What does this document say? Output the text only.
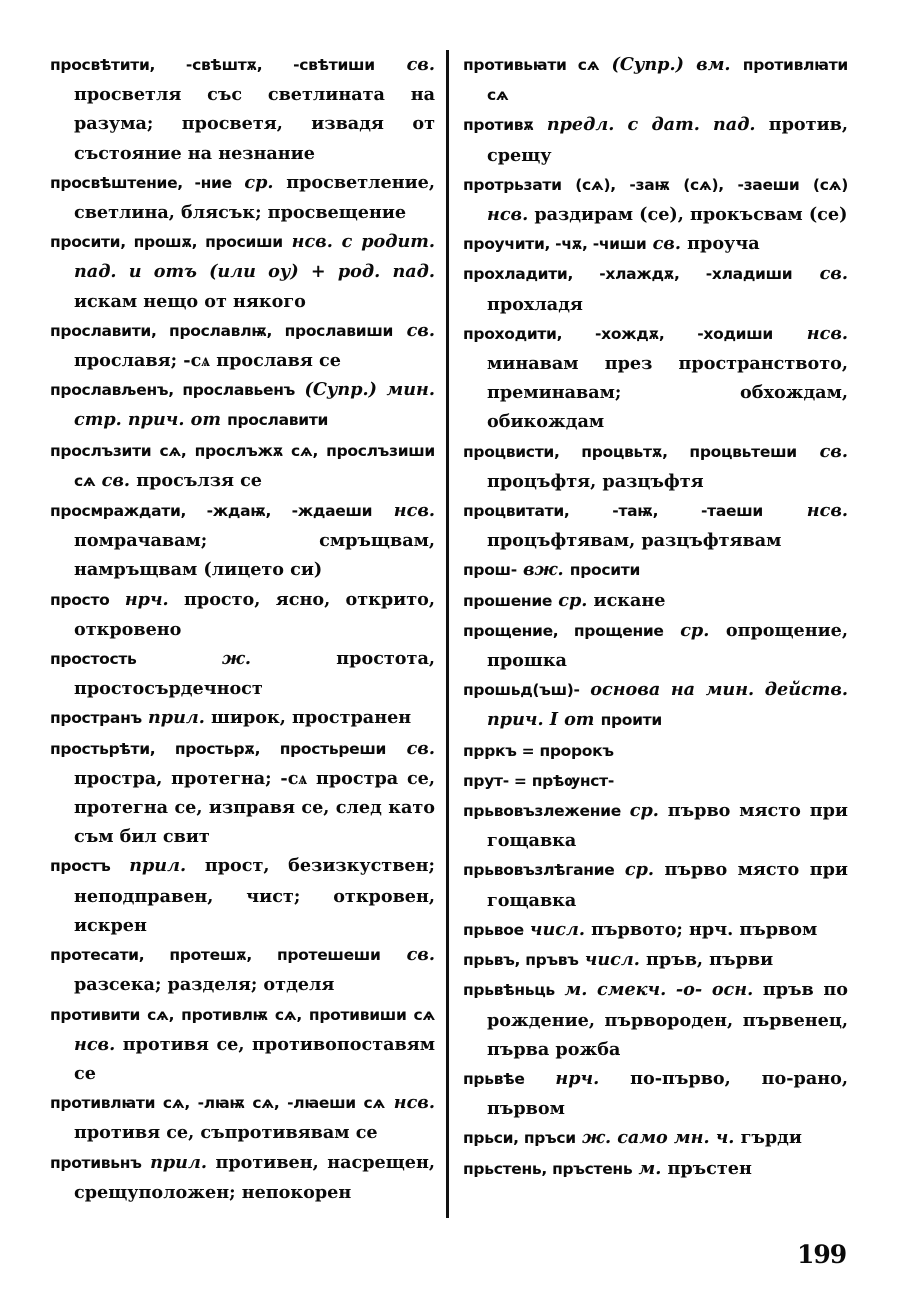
просвѣтити, -свѣштѫ, -свѣтиши св. просветля със светлината на разума; просветя, извадя от състояние на незнание

просвѣштение, -ние ср. просветление, светлина, блясък; просвещение

просити, прошѫ, просиши нсв. с родит. пад. и отъ (или оу) + род. пад. искам нещо от някого

прославити, прославлѭ, прославиши св. прославя; -сѧ прославя се

прослављенъ, прославьенъ (Супр.) мин. стр. прич. от прославити

прослъзити сѧ, прослъжѫ сѧ, прослъзиши сѧ св. просълзя се

просмраждати, -ждаѭ, -ждаеши нсв. помрачавам; смръщвам, намръщвам (лицето си)

просто нрч. просто, ясно, открито, откровено

простость	ж.	простота, простосърдечност

пространъ прил. широк, пространен

простьрѣти, простьрѫ, простьреши св. простра, протегна; -сѧ простра се, протегна се, изправя се, след като съм бил свит

простъ прил. прост, безизкуствен; неподправен, чист; откровен, искрен

протесати, протешѫ, протешеши св. разсека; разделя; отделя

противити сѧ, противлѭ сѧ, противиши сѧ нсв. противя се, противопоставям се

противлꙗти сѧ, -лꙗѭ сѧ, -лꙗеши сѧ нсв. противя се, съпротивявам се

противьнъ прил. противен, насрещен, срещуположен; непокорен

противьꙗти сѧ (Супр.) вм. противлꙗти сѧ

противѫ предл. с дат. пад. против, срещу

протрьзати (сѧ), -заѭ (сѧ), -заеши (сѧ) нсв. раздирам (се), прокъсвам (се)

проучити, -чѫ, -чиши св. проуча

прохладити, -хлаждѫ, -хладиши св. прохладя

проходити, -хождѫ, -ходиши нсв. минавам през пространството, преминавам; обхождам, обикождам

процвисти, процвьтѫ, процвьтеши св. процъфтя, разцъфтя

процвитати, -таѭ, -таеши нсв. процъфтявам, разцъфтявам

прош- вж. просити

прошение ср. искане

прощение, прощение ср. опрощение, прошка

прошьд(ъш)- основа на мин. действ. прич. I от проити

прркъ = пророкъ

прут- = прѣѹнст-

прьвовъзлежение ср. първо място при гощавка

прьвовъзлѣгание ср. първо място при гощавка

прьвое числ. първото; нрч. първом

прьвъ, пръвъ числ. пръв, първи

прьвѣньць м. смекч. -о- осн. пръв по рождение, първороден, първенец, първа рожба

прьвѣе нрч. по-първо, по-рано, първом

прьси, пръси ж. само мн. ч. гърди

прьстень, пръстень м. пръстен

199
